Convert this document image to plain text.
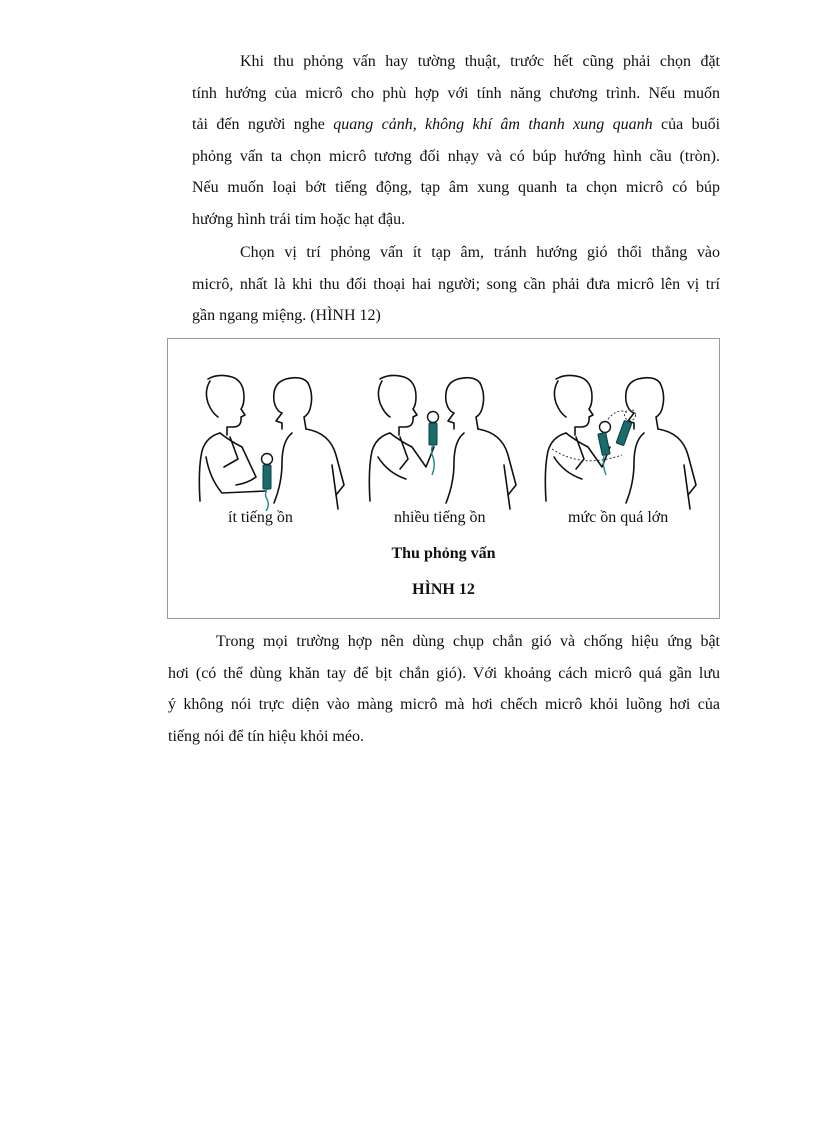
Khi thu phỏng vấn hay tường thuật, trước hết cũng phải chọn đặt
tính hướng của micrô cho phù hợp với tính năng chương trình. Nếu muốn
tải đến người nghe quang cảnh, không khí âm thanh xung quanh của buổi
phỏng vấn ta chọn micrô tương đối nhạy và có búp hướng hình cầu (tròn).
Nếu muốn loại bớt tiếng động, tạp âm xung quanh ta chọn micrô có búp
hướng hình trái tim hoặc hạt đậu.
Chọn vị trí phỏng vấn ít tạp âm, tránh hướng gió thổi thẳng vào
micrô, nhất là khi thu đối thoại hai người; song cần phải đưa micrô lên vị trí
gần ngang miệng. (HÌNH 12)
ít tiếng ồn	nhiều tiếng ồn	mức ồn quá lớn
Thu phỏng vấn
HÌNH 12
Trong mọi trường hợp nên dùng chụp chắn gió và chống hiệu ứng bật
hơi (có thể dùng khăn tay để bịt chắn gió). Với khoảng cách micrô quá gần lưu
ý không nói trực diện vào màng micrô mà hơi chếch micrô khỏi luồng hơi của
tiếng nói để tín hiệu khỏi méo.
